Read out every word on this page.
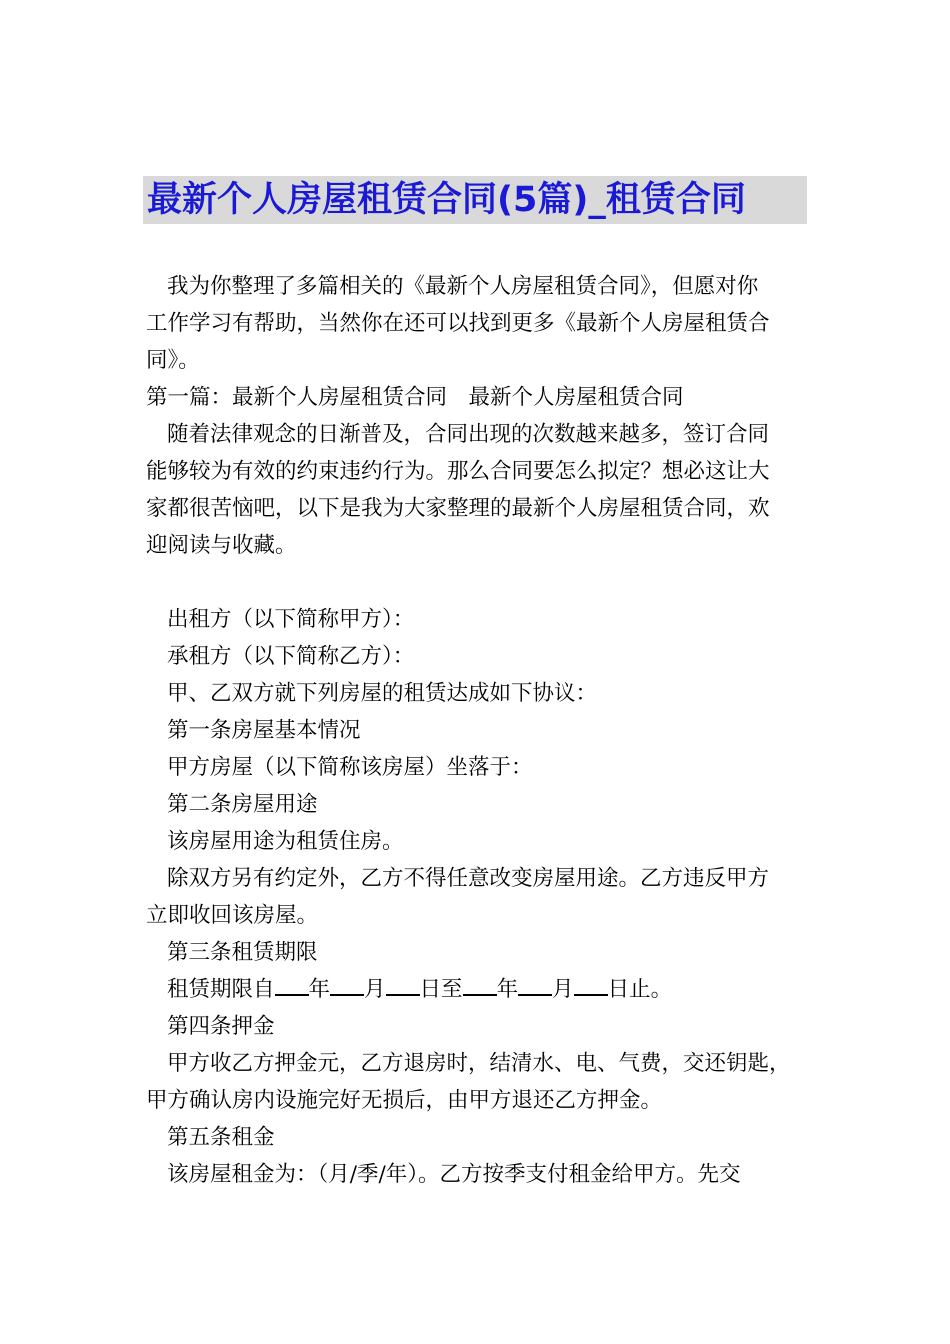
最新个人房屋租赁合同(5篇)_租赁合同
我为你整理了多篇相关的《最新个人房屋租赁合同》，但愿对你
工作学习有帮助，当然你在还可以找到更多《最新个人房屋租赁合
同》。
第一篇：最新个人房屋租赁合同　最新个人房屋租赁合同
随着法律观念的日渐普及，合同出现的次数越来越多，签订合同
能够较为有效的约束违约行为。那么合同要怎么拟定？想必这让大
家都很苦恼吧，以下是我为大家整理的最新个人房屋租赁合同，欢
迎阅读与收藏。
出租方（以下简称甲方）：
承租方（以下简称乙方）：
甲、乙双方就下列房屋的租赁达成如下协议：
第一条房屋基本情况
甲方房屋（以下简称该房屋）坐落于：
第二条房屋用途
该房屋用途为租赁住房。
除双方另有约定外，乙方不得任意改变房屋用途。乙方违反甲方
立即收回该房屋。
第三条租赁期限
租赁期限自 年 月 日至 年 月 日止。
第四条押金
甲方收乙方押金元，乙方退房时，结清水、电、气费，交还钥匙，
甲方确认房内设施完好无损后，由甲方退还乙方押金。
第五条租金
该房屋租金为：（月/季/年）。乙方按季支付租金给甲方。先交
